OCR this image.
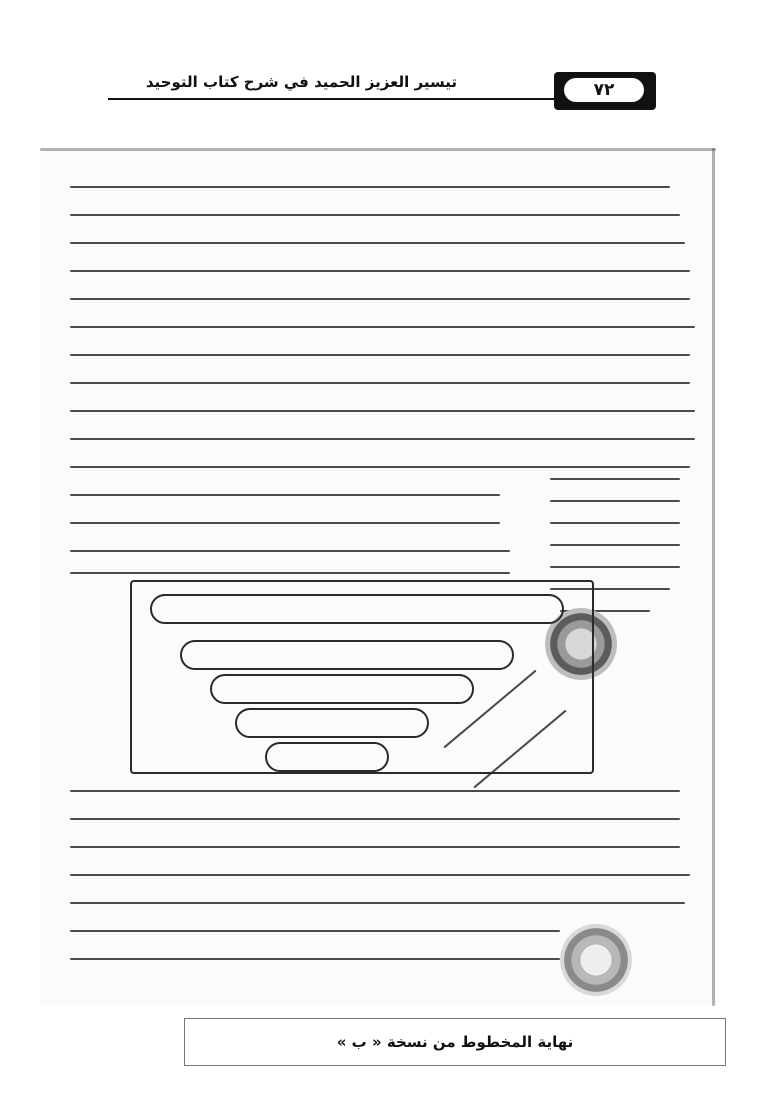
تيسير العزيز الحميد في شرح كتاب التوحيد	٧٢
نهاية المخطوط من نسخة « ب »
